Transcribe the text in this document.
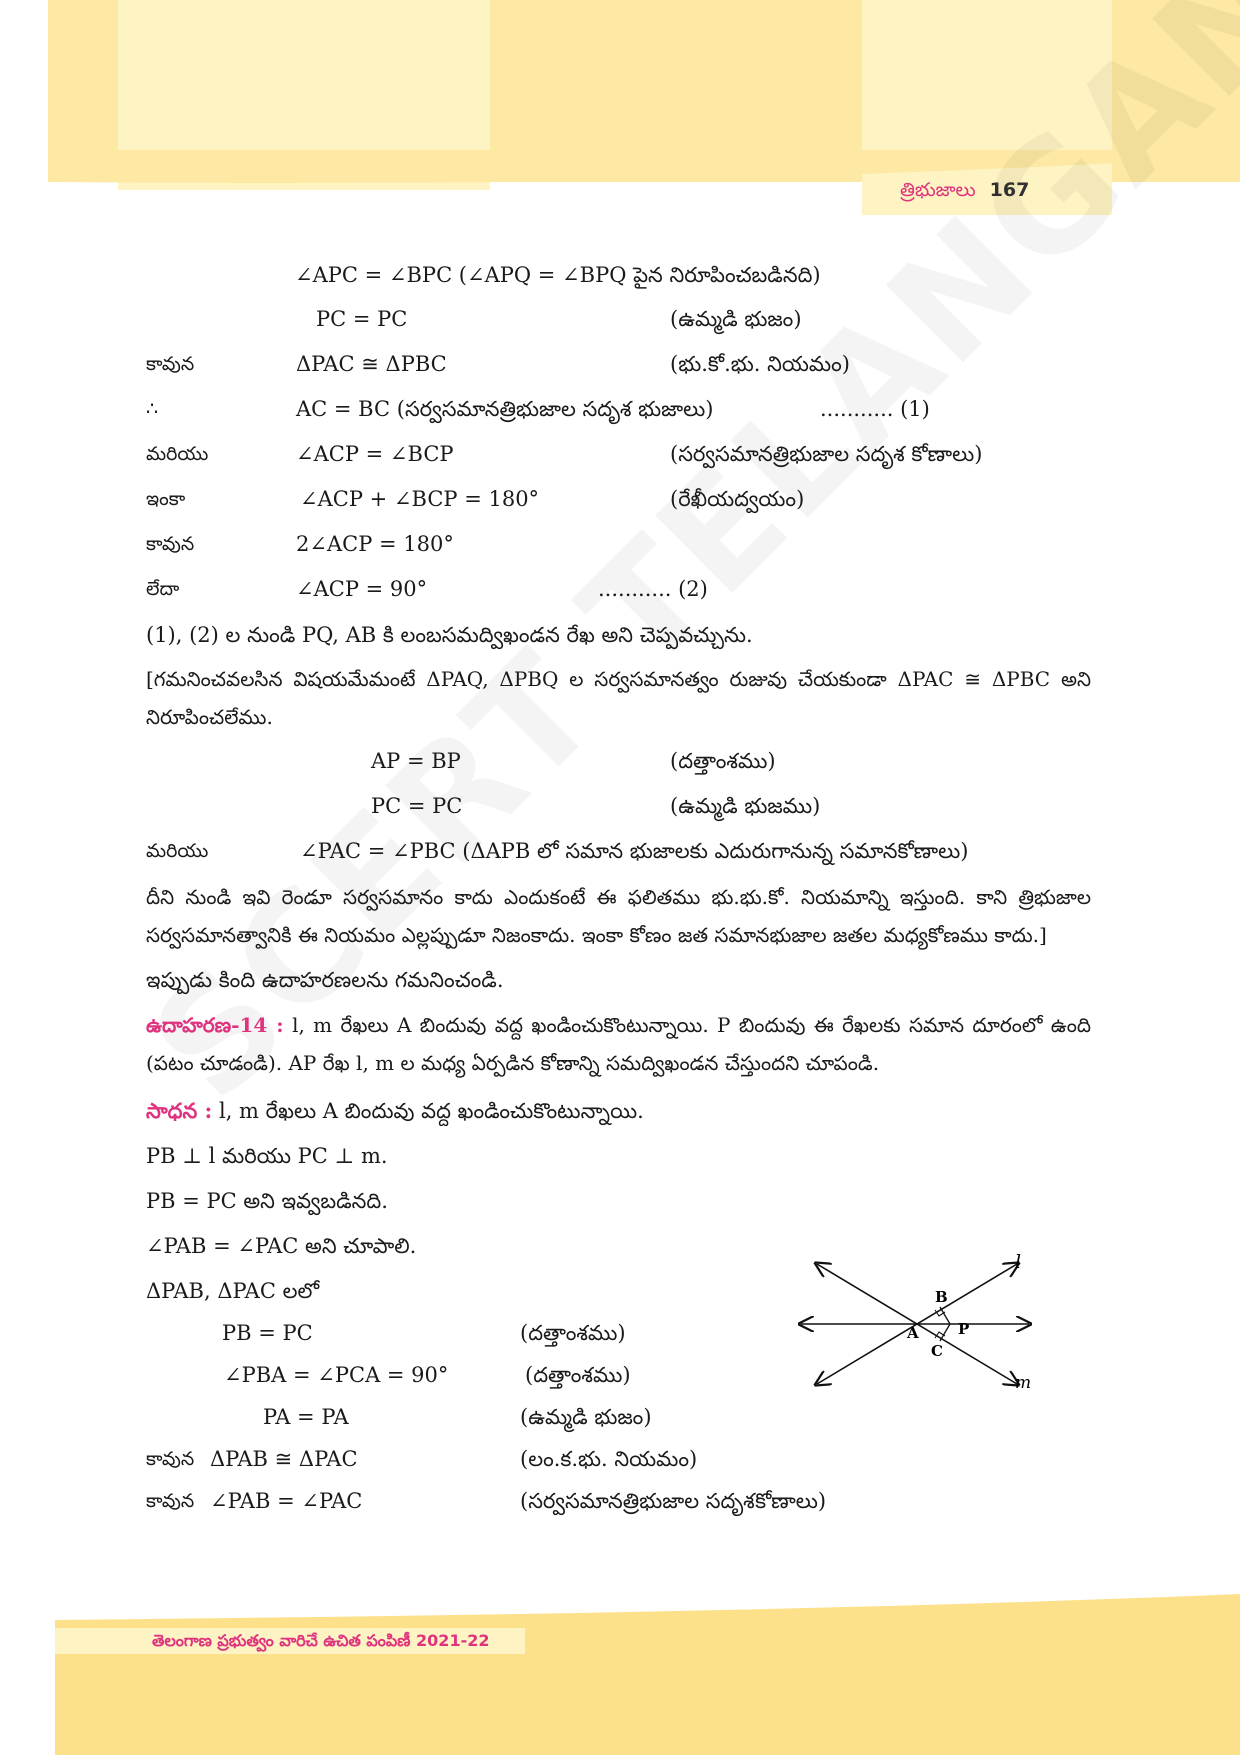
త్రిభుజాలు 167
∠APC = ∠BPC (∠APQ = ∠BPQ పైన నిరూపించబడినది)
PC = PC	(ఉమ్మడి భుజం)
కావున	ΔPAC ≅ ΔPBC	(భు.కో.భు. నియమం)
∴	AC = BC (సర్వసమానత్రిభుజాల సదృశ భుజాలు)	........... (1)
మరియు	∠ACP = ∠BCP	(సర్వసమానత్రిభుజాల సదృశ కోణాలు)
ఇంకా	∠ACP + ∠BCP = 180°	(రేఖీయద్వయం)
కావున	2∠ACP = 180°
లేదా	∠ACP = 90°	........... (2)
(1), (2) ల నుండి PQ, AB కి లంబసమద్విఖండన రేఖ అని చెప్పవచ్చును.
[గమనించవలసిన విషయమేమంటే ΔPAQ, ΔPBQ ల సర్వసమానత్వం రుజువు చేయకుండా ΔPAC ≅ ΔPBC అని నిరూపించలేము.
AP = BP	(దత్తాంశము)
PC = PC	(ఉమ్మడి భుజము)
మరియు	∠PAC = ∠PBC (ΔAPB లో సమాన భుజాలకు ఎదురుగానున్న సమానకోణాలు)
దీని నుండి ఇవి రెండూ సర్వసమానం కాదు ఎందుకంటే ఈ ఫలితము భు.భు.కో. నియమాన్ని ఇస్తుంది. కాని త్రిభుజాల సర్వసమానత్వానికి ఈ నియమం ఎల్లప్పుడూ నిజంకాదు. ఇంకా కోణం జత సమానభుజాల జతల మధ్యకోణము కాదు.]
ఇప్పుడు కింది ఉదాహరణలను గమనించండి.
ఉదాహరణ-14 : l, m రేఖలు A బిందువు వద్ద ఖండించుకొంటున్నాయి. P బిందువు ఈ రేఖలకు సమాన దూరంలో ఉంది (పటం చూడండి). AP రేఖ l, m ల మధ్య ఏర్పడిన కోణాన్ని సమద్విఖండన చేస్తుందని చూపండి.
సాధన : l, m రేఖలు A బిందువు వద్ద ఖండించుకొంటున్నాయి.
PB ⊥ l మరియు PC ⊥ m.
PB = PC అని ఇవ్వబడినది.
∠PAB = ∠PAC అని చూపాలి.
ΔPAB, ΔPAC లలో
PB = PC	(దత్తాంశము)
∠PBA = ∠PCA = 90°	(దత్తాంశము)
PA = PA	(ఉమ్మడి భుజం)
కావున ΔPAB ≅ ΔPAC	(లం.క.భు. నియమం)
కావున ∠PAB = ∠PAC	(సర్వసమానత్రిభుజాల సదృశకోణాలు)
l
m
A
B
C
P
తెలంగాణ ప్రభుత్వం వారిచే ఉచిత పంపిణీ 2021-22
